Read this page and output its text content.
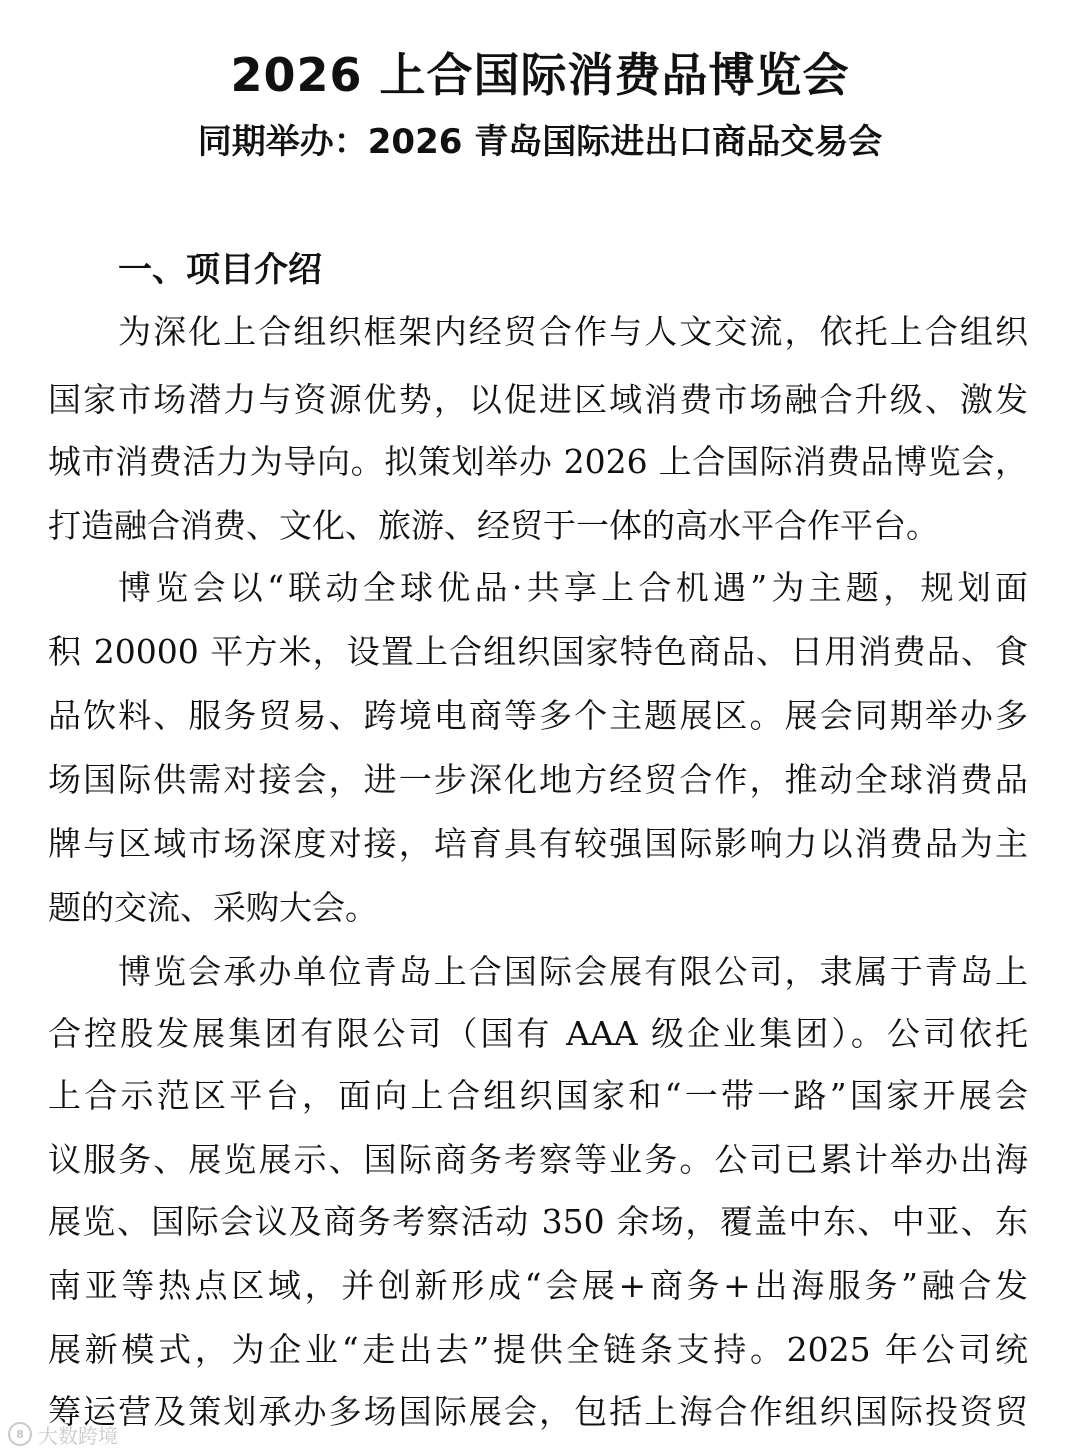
2026 上合国际消费品博览会
同期举办：2026 青岛国际进出口商品交易会
一、项目介绍
为深化上合组织框架内经贸合作与人文交流，依托上合组织
国家市场潜力与资源优势，以促进区域消费市场融合升级、激发
城市消费活力为导向。拟策划举办 2026 上合国际消费品博览会，
打造融合消费、文化、旅游、经贸于一体的高水平合作平台。
博览会以“联动全球优品·共享上合机遇”为主题，规划面
积 20000 平方米，设置上合组织国家特色商品、日用消费品、食
品饮料、服务贸易、跨境电商等多个主题展区。展会同期举办多
场国际供需对接会，进一步深化地方经贸合作，推动全球消费品
牌与区域市场深度对接，培育具有较强国际影响力以消费品为主
题的交流、采购大会。
博览会承办单位青岛上合国际会展有限公司，隶属于青岛上
合控股发展集团有限公司（国有 AAA 级企业集团）。公司依托
上合示范区平台，面向上合组织国家和“一带一路”国家开展会
议服务、展览展示、国际商务考察等业务。公司已累计举办出海
展览、国际会议及商务考察活动 350 余场，覆盖中东、中亚、东
南亚等热点区域，并创新形成“会展+商务+出海服务”融合发
展新模式，为企业“走出去”提供全链条支持。2025 年公司统
筹运营及策划承办多场国际展会，包括上海合作组织国际投资贸
8 大数跨境
